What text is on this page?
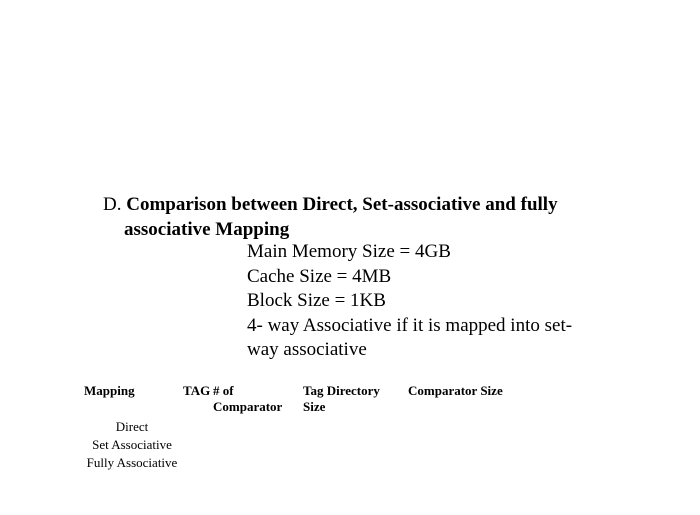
D. Comparison between Direct, Set-associative and fully
associative Mapping
Main Memory Size = 4GB
Cache Size = 4MB
Block Size = 1KB
4- way Associative if it is mapped into set-
way associative
Mapping	TAG # of
Comparator
Tag Directory
Size
Comparator Size
Direct
Set Associative
Fully Associative
